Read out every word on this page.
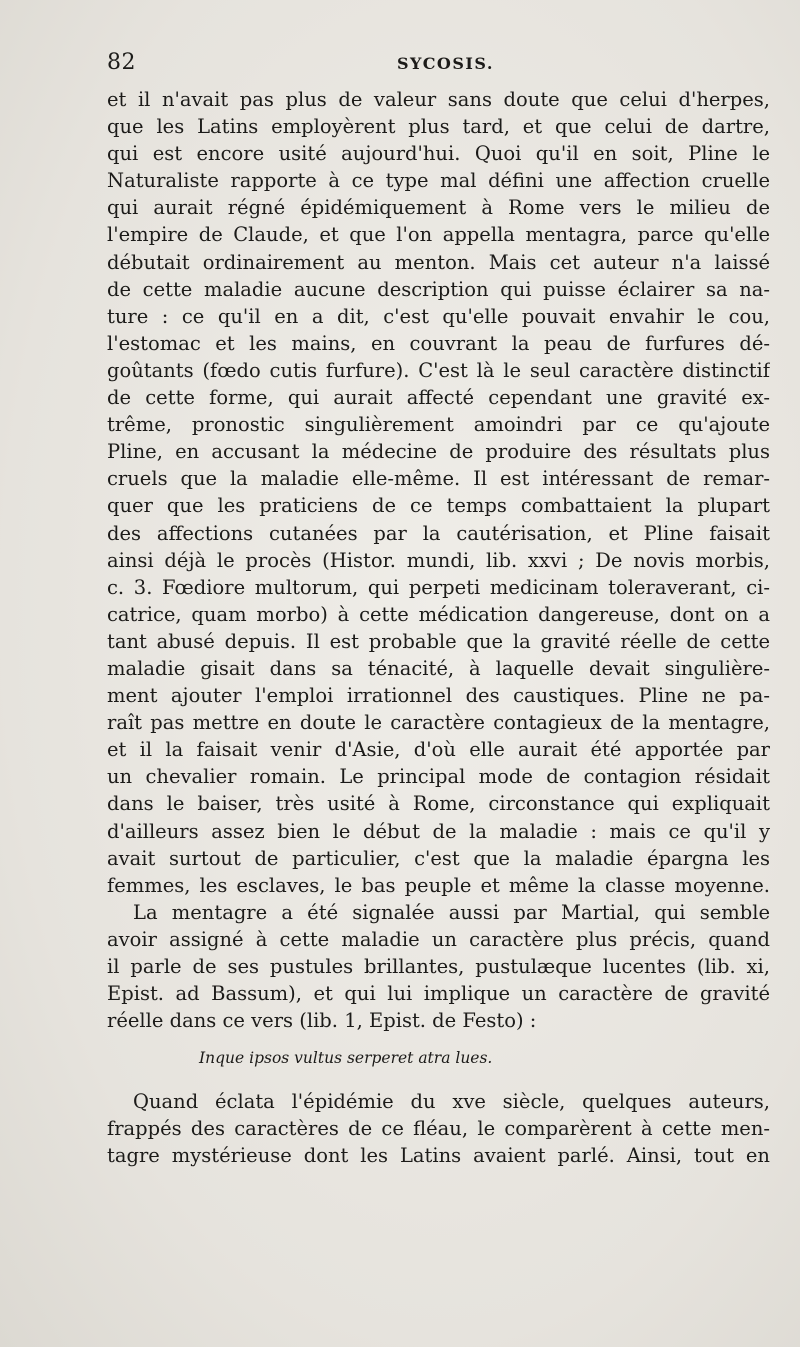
82	SYCOSIS.
et il n'avait pas plus de valeur sans doute que celui d'herpes,
que les Latins employèrent plus tard, et que celui de dartre,
qui est encore usité aujourd'hui. Quoi qu'il en soit, Pline le
Naturaliste rapporte à ce type mal défini une affection cruelle
qui aurait régné épidémiquement à Rome vers le milieu de
l'empire de Claude, et que l'on appella mentagra, parce qu'elle
débutait ordinairement au menton. Mais cet auteur n'a laissé
de cette maladie aucune description qui puisse éclairer sa na-
ture : ce qu'il en a dit, c'est qu'elle pouvait envahir le cou,
l'estomac et les mains, en couvrant la peau de furfures dé-
goûtants (fœdo cutis furfure). C'est là le seul caractère distinctif
de cette forme, qui aurait affecté cependant une gravité ex-
trême, pronostic singulièrement amoindri par ce qu'ajoute
Pline, en accusant la médecine de produire des résultats plus
cruels que la maladie elle-même. Il est intéressant de remar-
quer que les praticiens de ce temps combattaient la plupart
des affections cutanées par la cautérisation, et Pline faisait
ainsi déjà le procès (Histor. mundi, lib. xxvi ; De novis morbis,
c. 3. Fœdiore multorum, qui perpeti medicinam toleraverant, ci-
catrice, quam morbo) à cette médication dangereuse, dont on a
tant abusé depuis. Il est probable que la gravité réelle de cette
maladie gisait dans sa ténacité, à laquelle devait singulière-
ment ajouter l'emploi irrationnel des caustiques. Pline ne pa-
raît pas mettre en doute le caractère contagieux de la mentagre,
et il la faisait venir d'Asie, d'où elle aurait été apportée par
un chevalier romain. Le principal mode de contagion résidait
dans le baiser, très usité à Rome, circonstance qui expliquait
d'ailleurs assez bien le début de la maladie : mais ce qu'il y
avait surtout de particulier, c'est que la maladie épargna les
femmes, les esclaves, le bas peuple et même la classe moyenne.
La mentagre a été signalée aussi par Martial, qui semble
avoir assigné à cette maladie un caractère plus précis, quand
il parle de ses pustules brillantes, pustulæque lucentes (lib. xi,
Epist. ad Bassum), et qui lui implique un caractère de gravité
réelle dans ce vers (lib. 1, Epist. de Festo) :
Inque ipsos vultus serperet atra lues.
Quand éclata l'épidémie du xve siècle, quelques auteurs,
frappés des caractères de ce fléau, le comparèrent à cette men-
tagre mystérieuse dont les Latins avaient parlé. Ainsi, tout en
